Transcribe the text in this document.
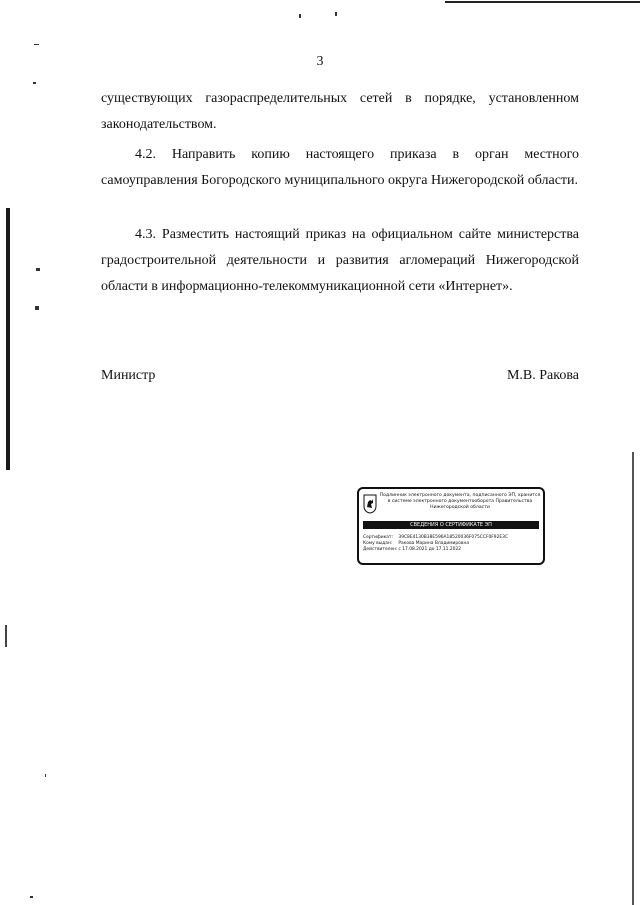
3
существующих газораспределительных сетей в порядке, установленном законодательством.
4.2. Направить копию настоящего приказа в орган местного самоуправления Богородского муниципального округа Нижегородской области.
4.3. Разместить настоящий приказ на официальном сайте министерства градостроительной деятельности и развития агломераций Нижегородской области в информационно-телекоммуникационной сети «Интернет».
Министр	М.В. Ракова
Подлинник электронного документа, подписанного ЭП, хранится в системе электронного документооборота Правительства Нижегородской области
СВЕДЕНИЯ О СЕРТИФИКАТЕ ЭП
Сертификат: 39C8E4130B38E596A18520036F075CCF0F92E3C
Кому выдан: Ракова Марина Владимировна
Действителен: с 17.08.2021 до 17.11.2022
